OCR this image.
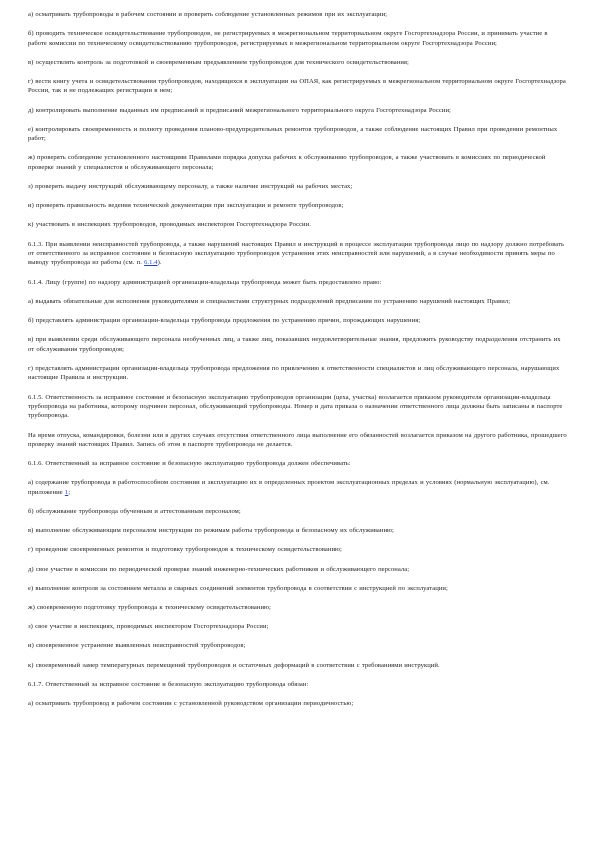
а) осматривать трубопроводы в рабочем состоянии и проверять соблюдение установленных режимов при их эксплуатации;

б) проводить техническое освидетельствование трубопроводов, не регистрируемых в межрегиональном территориальном округе Госгортехнадзора России, и принимать участие в работе комиссии по техническому освидетельствованию трубопроводов, регистрируемых в межрегиональном территориальном округе Госгортехнадзора России;

в) осуществлять контроль за подготовкой и своевременным предъявлением трубопроводов для технического освидетельствования;

г) вести книгу учета и освидетельствования трубопроводов, находящихся в эксплуатации на ОПАЯ, как регистрируемых в межрегиональном территориальном округе Госгортехнадзора России, так и не подлежащих регистрации в нем;

д) контролировать выполнение выданных им предписаний и предписаний межрегионального территориального округа Госгортехнадзора России;

е) контролировать своевременность и полноту проведения планово-предупредительных ремонтов трубопроводов, а также соблюдение настоящих Правил при проведении ремонтных работ;

ж) проверять соблюдение установленного настоящими Правилами порядка допуска рабочих к обслуживанию трубопроводов, а также участвовать в комиссиях по периодической проверке знаний у специалистов и обслуживающего персонала;

з) проверять выдачу инструкций обслуживающему персоналу, а также наличие инструкций на рабочих местах;

и) проверять правильность ведения технической документации при эксплуатации и ремонте трубопроводов;

к) участвовать в инспекциях трубопроводов, проводимых инспектором Госгортехнадзора России.

6.1.3. При выявлении неисправностей трубопровода, а также нарушений настоящих Правил и инструкций в процессе эксплуатации трубопровода лицо по надзору должно потребовать от ответственного за исправное состояние и безопасную эксплуатацию трубопроводов устранения этих неисправностей или нарушений, а в случае необходимости принять меры по выводу трубопровода из работы (см. п. 6.1.4).

6.1.4. Лицу (группе) по надзору администрацией организации-владельца трубопровода может быть предоставлено право:

а) выдавать обязательные для исполнения руководителями и специалистами структурных подразделений предписания по устранению нарушений настоящих Правил;

б) представлять администрации организации-владельца трубопровода предложения по устранению причин, порождающих нарушения;

в) при выявлении среди обслуживающего персонала необученных лиц, а также лиц, показавших неудовлетворительные знания, предложить руководству подразделения отстранить их от обслуживания трубопроводов;

г) представлять администрации организации-владельца трубопровода предложения по привлечению к ответственности специалистов и лиц обслуживающего персонала, нарушающих настоящие Правила и инструкции.

6.1.5. Ответственность за исправное состояние и безопасную эксплуатацию трубопроводов организации (цеха, участка) возлагается приказом руководителя организации-владельца трубопровода на работника, которому подчинен персонал, обслуживающий трубопроводы. Номер и дата приказа о назначении ответственного лица должны быть записаны в паспорте трубопровода.

На время отпуска, командировки, болезни или в других случаях отсутствия ответственного лица выполнение его обязанностей возлагается приказом на другого работника, прошедшего проверку знаний настоящих Правил. Запись об этом в паспорте трубопровода не делается.

6.1.6. Ответственный за исправное состояние и безопасную эксплуатацию трубопровода должен обеспечивать:

а) содержание трубопровода в работоспособном состоянии и эксплуатацию их в определенных проектом эксплуатационных пределах и условиях (нормальную эксплуатацию), см. приложение 1;

б) обслуживание трубопровода обученным и аттестованным персоналом;

в) выполнение обслуживающим персоналом инструкции по режимам работы трубопровода и безопасному их обслуживанию;

г) проведение своевременных ремонтов и подготовку трубопроводов к техническому освидетельствованию;

д) свое участие в комиссии по периодической проверке знаний инженерно-технических работников и обслуживающего персонала;

е) выполнение контроля за состоянием металла и сварных соединений элементов трубопровода в соответствии с инструкцией по эксплуатации;

ж) своевременную подготовку трубопровода к техническому освидетельствованию;

з) свое участие в инспекциях, проводимых инспектором Госгортехнадзора России;

и) своевременное устранение выявленных неисправностей трубопроводов;

к) своевременный замер температурных перемещений трубопроводов и остаточных деформаций в соответствии с требованиями инструкций.

6.1.7. Ответственный за исправное состояние и безопасную эксплуатацию трубопровода обязан:

а) осматривать трубопровод в рабочем состоянии с установленной руководством организации периодичностью;
